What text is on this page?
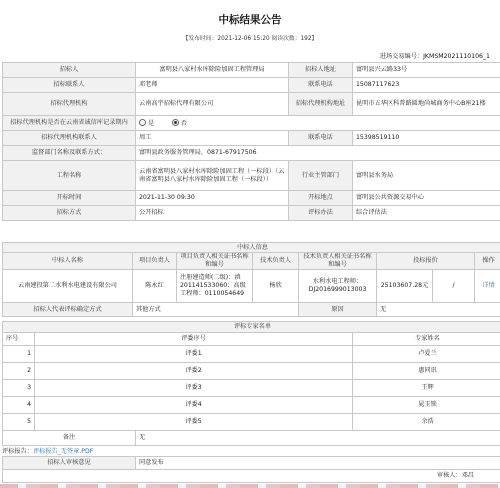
中标结果公告
【发布时间：2021-12-06 15:20 阅读次数：192】
进场交易编号：JKMSM2021110106_1
招标人	富明县八家村水库除险加固工程管理局	招标人地址	富明县兴云路33号
招标联系人	邓老师	联系电话	15087117623
招标代理机构	云南高宇招标代理有限公司	招标代理机构地址	昆明市五华区科普路圆地尚城商务中心B座21楼
招标代理机构是否在云南省诚信库记录期内	是 否		
招标代理机构联系人	周工	联系电话	15398519110
监督部门名称及联系方式：	富明县政务服务管理局，0871-67917506		
工程名称	云南省富明县八家村水库除险加固工程（一标段）（云南省富明县八家村水库除险加固工程（一标段））	行业主管部门	富明县水务局
开标时间	2021-11-30 09:30	开标地点	富明县公共资源交易中心
招标方式	公开招标	评标办法	综合评估法
中标人信息							
中标人名称	项目负责人	项目负责人相关证书名称和编号	技术负责人	技术负责人相关证书名称和编号	投标报价		操作
云南建投第二水利水电建设有限公司	陈永红	注册建造师(二级)：滇201141533060；高级工程师：0110054649	杨欣	水利水电工程师：DJ2016999013003	25103607.28元	/	详情
招标人代表评标确定方式	其他方式			原因	无		
评标专家名单			
序号	评委序号		专家姓名
1	评委1		卢爱兰
2	评委2		惠同讯
3	评委3		王辉
4	评委4		晁玉锁
5	评委5		余浩
备注		无	
评标报告：评标报告_无签章.PDF
招标人审核意见	同意发布
	审核人：邓昌
